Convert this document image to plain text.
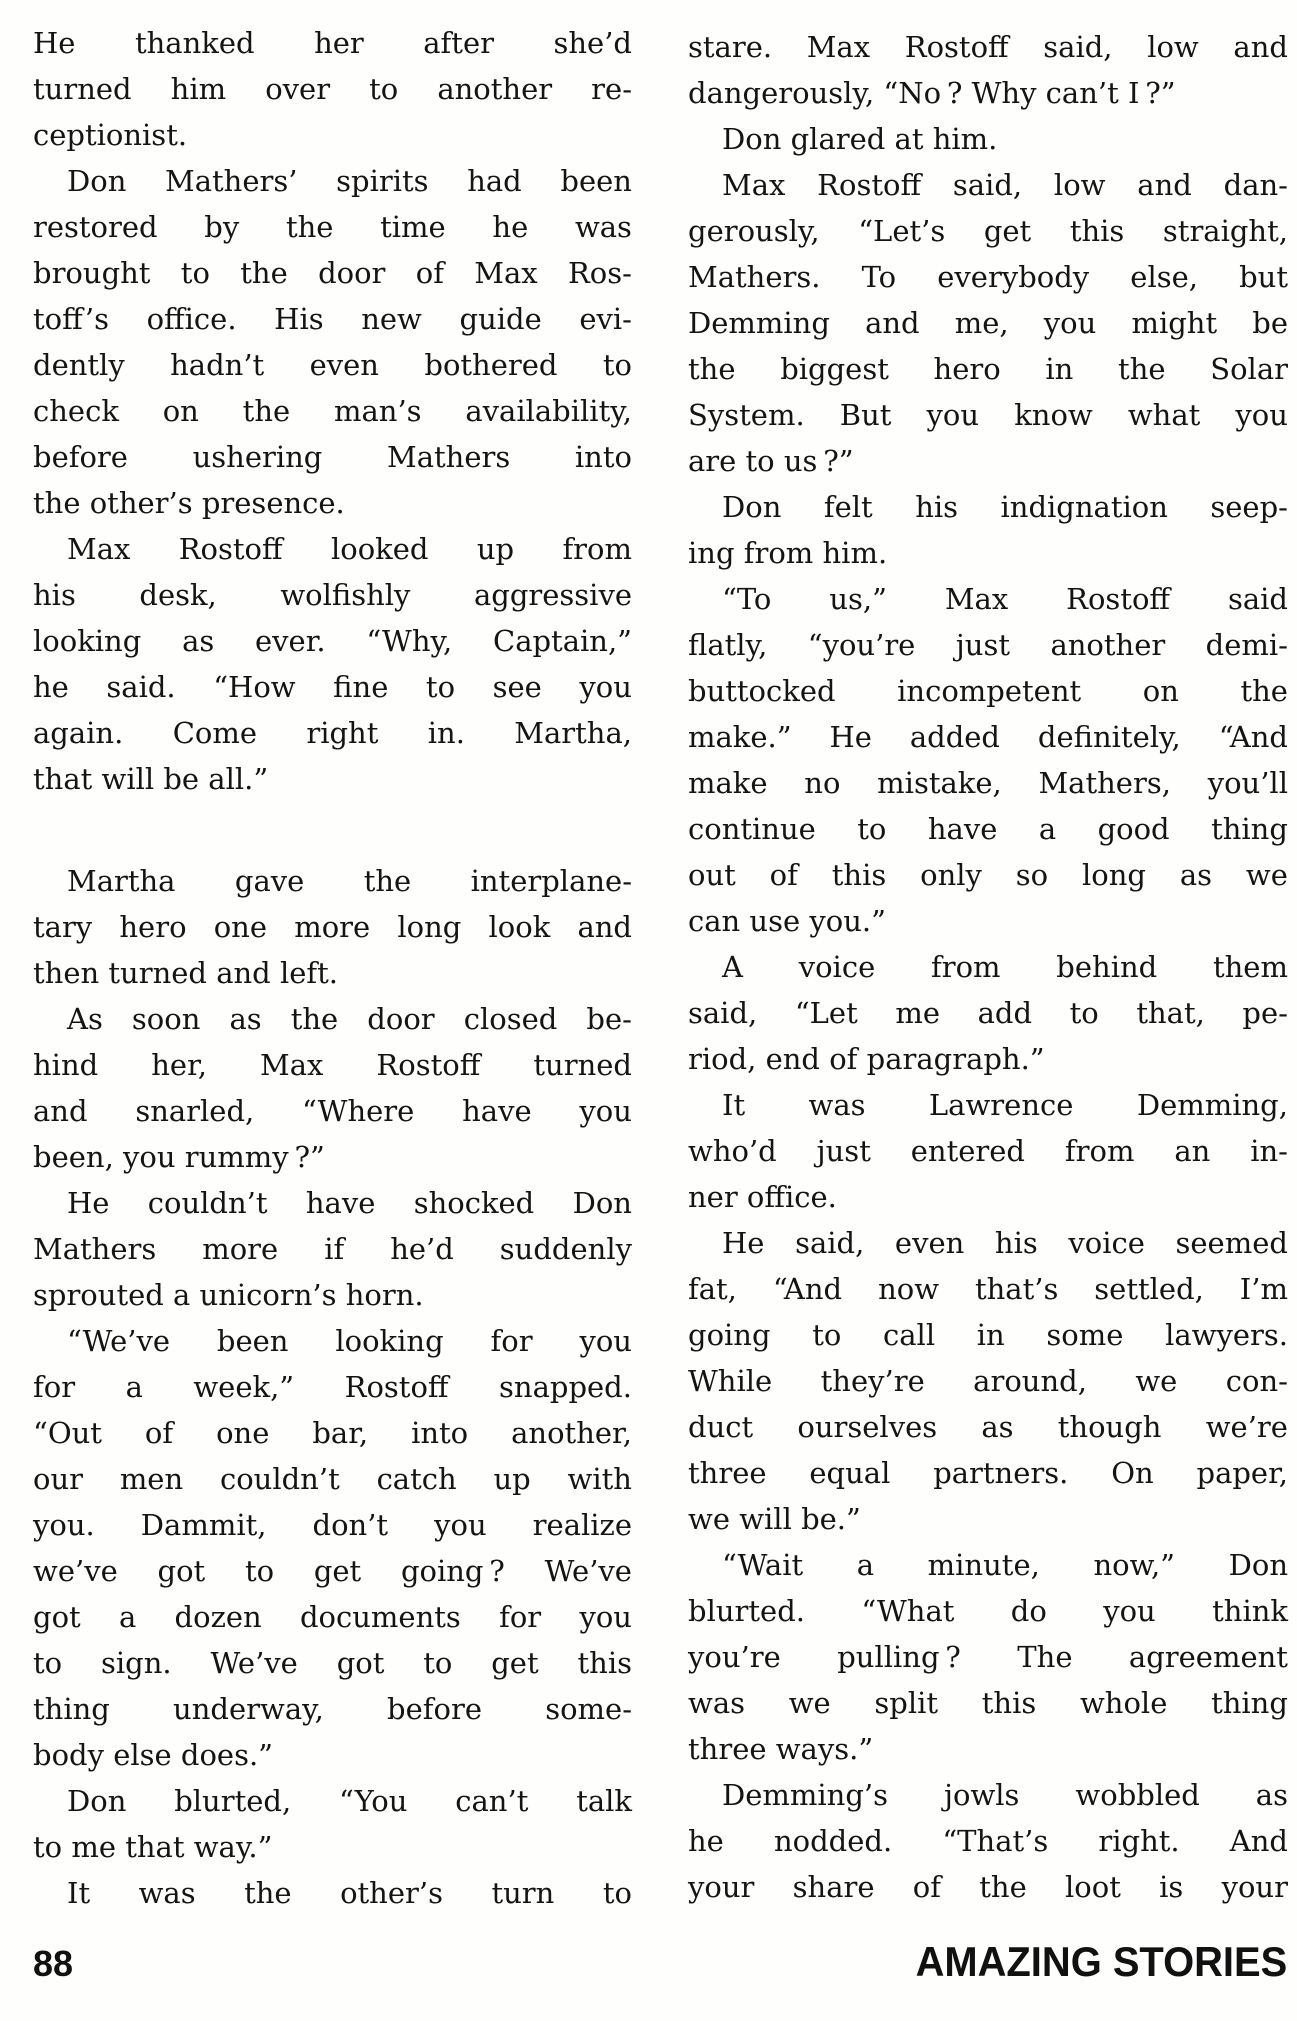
He thanked her after she’d
turned him over to another re-
ceptionist.
Don Mathers’ spirits had been
restored by the time he was
brought to the door of Max Ros-
toff’s office. His new guide evi-
dently hadn’t even bothered to
check on the man’s availability,
before ushering Mathers into
the other’s presence.
Max Rostoff looked up from
his desk, wolfishly aggressive
looking as ever. “Why, Captain,”
he said. “How fine to see you
again. Come right in. Martha,
that will be all.”
Martha gave the interplane-
tary hero one more long look and
then turned and left.
As soon as the door closed be-
hind her, Max Rostoff turned
and snarled, “Where have you
been, you rummy ?”
He couldn’t have shocked Don
Mathers more if he’d suddenly
sprouted a unicorn’s horn.
“We’ve been looking for you
for a week,” Rostoff snapped.
“Out of one bar, into another,
our men couldn’t catch up with
you. Dammit, don’t you realize
we’ve got to get going ? We’ve
got a dozen documents for you
to sign. We’ve got to get this
thing underway, before some-
body else does.”
Don blurted, “You can’t talk
to me that way.”
It was the other’s turn to
stare. Max Rostoff said, low and
dangerously, “No ? Why can’t I ?”
Don glared at him.
Max Rostoff said, low and dan-
gerously, “Let’s get this straight,
Mathers. To everybody else, but
Demming and me, you might be
the biggest hero in the Solar
System. But you know what you
are to us ?”
Don felt his indignation seep-
ing from him.
“To us,” Max Rostoff said
flatly, “you’re just another demi-
buttocked incompetent on the
make.” He added definitely, “And
make no mistake, Mathers, you’ll
continue to have a good thing
out of this only so long as we
can use you.”
A voice from behind them
said, “Let me add to that, pe-
riod, end of paragraph.”
It was Lawrence Demming,
who’d just entered from an in-
ner office.
He said, even his voice seemed
fat, “And now that’s settled, I’m
going to call in some lawyers.
While they’re around, we con-
duct ourselves as though we’re
three equal partners. On paper,
we will be.”
“Wait a minute, now,” Don
blurted. “What do you think
you’re pulling ? The agreement
was we split this whole thing
three ways.”
Demming’s jowls wobbled as
he nodded. “That’s right. And
your share of the loot is your
88	AMAZING STORIES
